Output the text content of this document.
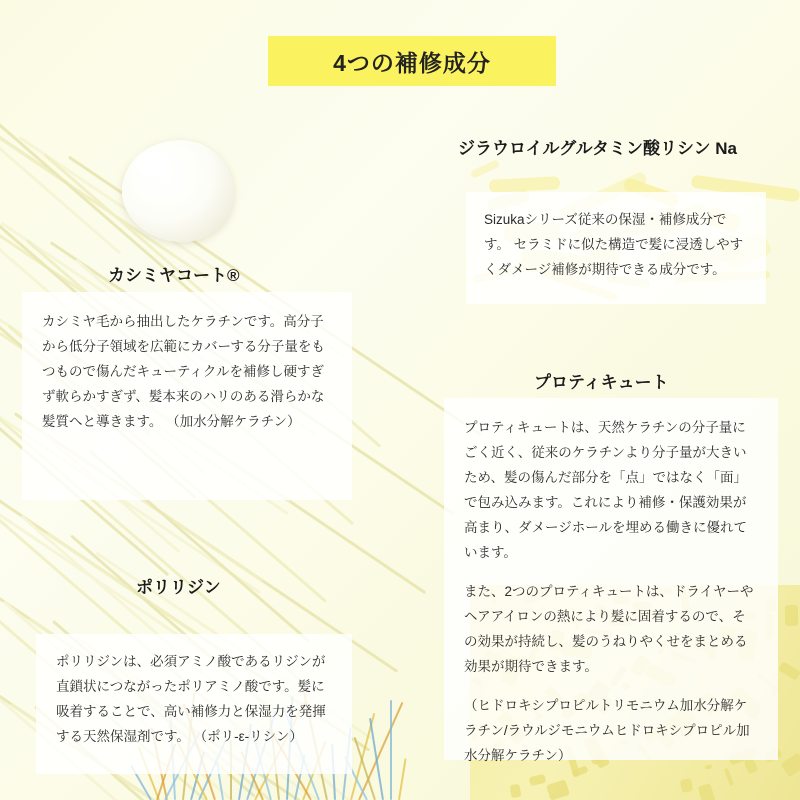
4つの補修成分
カシミヤコート®

カシミヤ毛から抽出したケラチンです。高分子から低分子領域を広範にカバーする分子量をもつもので傷んだキューティクルを補修し硬すぎず軟らかすぎず、髪本来のハリのある滑らかな髪質へと導きます。 （加水分解ケラチン）

ジラウロイルグルタミン酸リシン Na

Sizukaシリーズ従来の保湿・補修成分です。 セラミドに似た構造で髪に浸透しやすくダメージ補修が期待できる成分です。

プロティキュート

プロティキュートは、天然ケラチンの分子量にごく近く、従来のケラチンより分子量が大きいため、髪の傷んだ部分を「点」ではなく「面」で包み込みます。これにより補修・保護効果が高まり、ダメージホールを埋める働きに優れています。

また、2つのプロティキュートは、ドライヤーやヘアアイロンの熱により髪に固着するので、その効果が持続し、髪のうねりやくせをまとめる効果が期待できます。

（ヒドロキシプロピルトリモニウム加水分解ケラチン/ラウルジモニウムヒドロキシプロピル加水分解ケラチン）

ポリリジン

ポリリジンは、必須アミノ酸であるリジンが直鎖状につながったポリアミノ酸です。髪に吸着することで、高い補修力と保湿力を発揮する天然保湿剤です。 （ポリ-ε-リシン）
